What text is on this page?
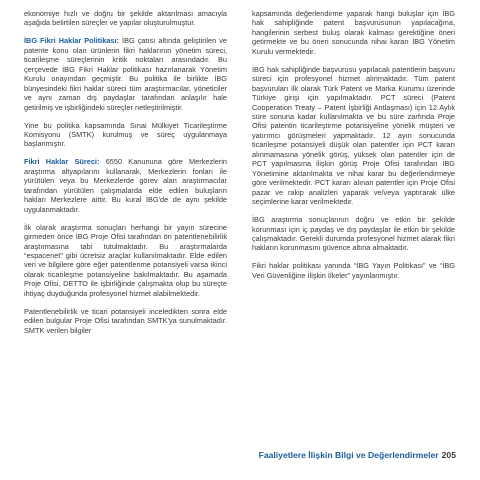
ekonomiye hızlı ve doğru bir şekilde aktarılması amacıyla aşağıda belirtilen süreçler ve yapılar oluşturulmuştur.

İBG Fikri Haklar Politikası: İBG çatısı altında geliştirilen ve patente konu olan ürünlerin fikri haklarının yönetim süreci, ticarileşme süreçlerinin kritik noktaları arasındadır. Bu çerçevede İBG Fikri Haklar politikası hazırlanarak Yönetim Kurulu onayından geçmiştir. Bu politika ile birlikte İBG bünyesindeki fikri haklar süreci tüm araştırmacılar, yöneticiler ve aynı zaman dış paydaşlar tarafından anlaşılır hale getirilmiş ve işbirliğindeki süreçler netleştirilmiştir.

Yine bu politika kapsamında Sınai Mülkiyet Ticarileştirme Komisyonu (SMTK) kurulmuş ve süreç uygulanmaya başlanmıştır.

Fikri Haklar Süreci: 6550 Kanununa göre Merkezlerin araştırma altyapılarını kullanarak, Merkezlerin fonları ile yürütülen veya bu Merkezlerde görev alan araştırmacılar tarafından yürütülen çalışmalarda elde edilen buluşların hakları Merkezlere aittir. Bu kural İBG'de de aynı şekilde uygulanmaktadır.

İlk olarak araştırma sonuçları herhangi bir yayın sürecine girmeden önce İBG Proje Ofisi tarafından ön patentlenebilirlik araştırmasına tabi tutulmaktadır. Bu araştırmalarda “espacenet” gibi ücretsiz araçlar kullanılmaktadır. Elde edilen veri ve bilgilere göre eğer patentlenme potansiyeli varsa ikinci olarak ticarileşme potansiyeline bakılmaktadır. Bu aşamada Proje Ofisi, DETTO ile işbirliğinde çalışmakta olup bu süreçte ihtiyaç duyduğunda profesyonel hizmet alabilmektedir.

Patentlenebilirlik ve ticari potansiyeli inceledikten sonra elde edilen bulgular Proje Ofisi tarafından SMTK'ya sunulmaktadır. SMTK verilen bilgiler

kapsamında değerlendirme yaparak hangi buluşlar için İBG hak sahipliğinde patent başvurusunun yapılacağına, hangilerinin serbest buluş olarak kalması gerektiğine öneri getirmekte ve bu öneri sonucunda nihai kararı İBG Yönetim Kurulu vermektedir.

İBG hak sahipliğinde başvurusu yapılacak patentlerin başvuru süreci için profesyonel hizmet alınmaktadır. Tüm patent başvuruları ilk olarak Türk Patent ve Marka Kurumu üzerinde Türkiye girişi için yapılmaktadır. PCT süreci (Patent Cooperation Treaty – Patent İşbirliği Antlaşması) için 12 Aylık süre sonuna kadar kullanılmakta ve bu süre zarfında Proje Ofisi patentin ticarileştirme potansiyeline yönelik müşteri ve yatırımcı görüşmeleri yapmaktadır. 12 ayın sonucunda ticarileşme potansiyeli düşük olan patentler için PCT kararı alınmamasına yönelik görüş, yüksek olan patentler için de PCT yapılmasına ilişkin görüş Proje Ofisi tarafından İBG Yönetimine aktarılmakta ve nihai karar bu değerlendirmeye göre verilmektedir. PCT kararı alınan patentler için Proje Ofisi pazar ve rakip analizleri yaparak ve/veya yaptırarak ülke seçimlerine karar verilmektedir.

İBG araştırma sonuçlarının doğru ve etkin bir şekilde korunması için iç paydaş ve dış paydaşlar ile etkin bir şekilde çalışmaktadır. Gerekli durumda profesyonel hizmet alarak fikri hakların korunmasını güvence altına almaktadır.

Fikri haklar politikası yanında “İBG Yayın Politikası” ve “İBG Veri Güvenliğine İlişkin İlkeler” yayınlanmıştır.

Faaliyetlere İlişkin Bilgi ve Değerlendirmeler 205
